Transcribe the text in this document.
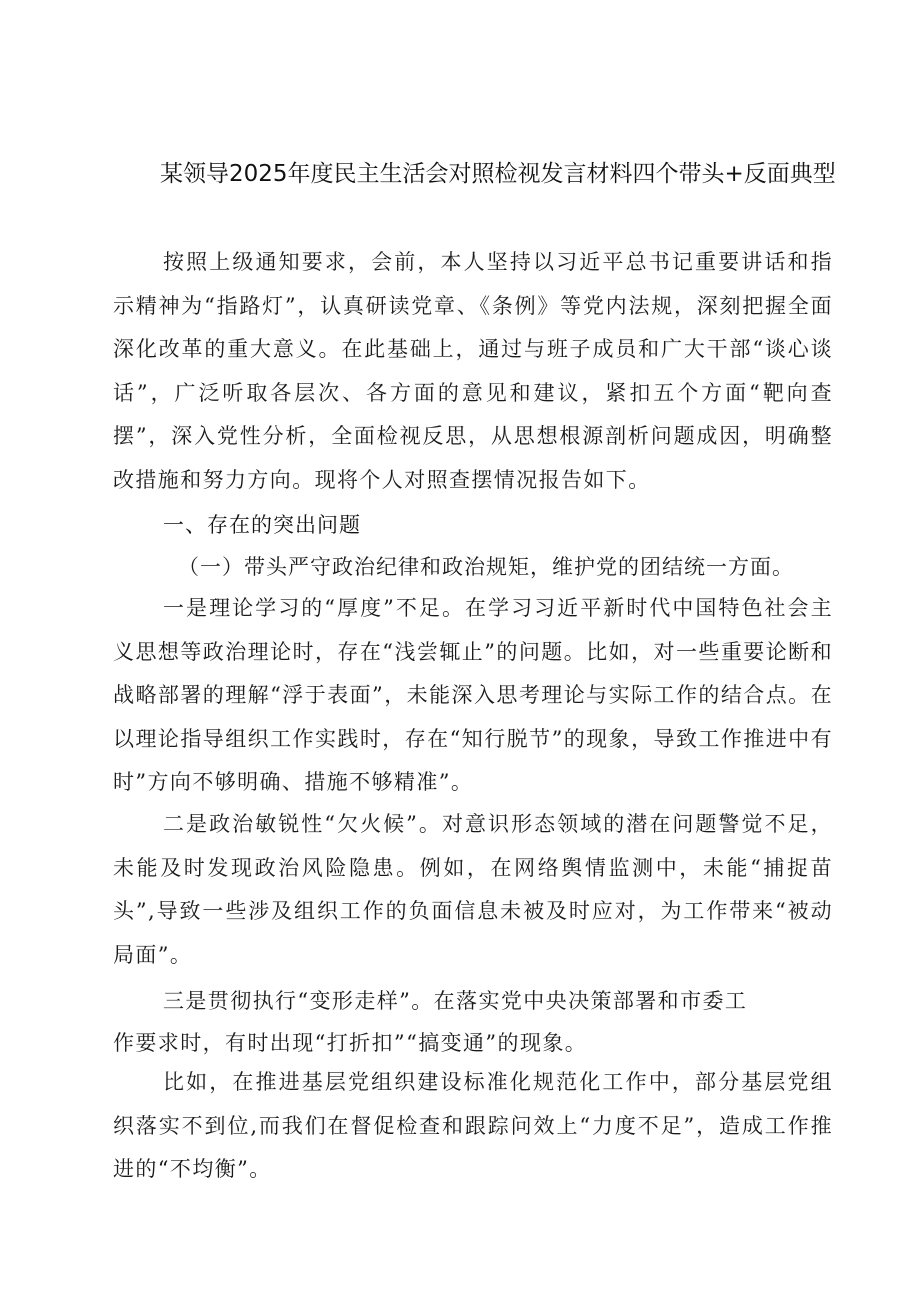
某领导2025年度民主生活会对照检视发言材料四个带头+反面典型
按照上级通知要求，会前，本人坚持以习近平总书记重要讲话和指示精神为“指路灯”，认真研读党章、《条例》等党内法规，深刻把握全面深化改革的重大意义。在此基础上，通过与班子成员和广大干部“谈心谈话”，广泛听取各层次、各方面的意见和建议，紧扣五个方面“靶向查摆”，深入党性分析，全面检视反思，从思想根源剖析问题成因，明确整改措施和努力方向。现将个人对照查摆情况报告如下。
一、存在的突出问题
（一）带头严守政治纪律和政治规矩，维护党的团结统一方面。
一是理论学习的“厚度”不足。在学习习近平新时代中国特色社会主义思想等政治理论时，存在“浅尝辄止”的问题。比如，对一些重要论断和战略部署的理解“浮于表面”，未能深入思考理论与实际工作的结合点。在以理论指导组织工作实践时，存在“知行脱节”的现象，导致工作推进中有时”方向不够明确、措施不够精准”。
二是政治敏锐性“欠火候”。对意识形态领域的潜在问题警觉不足，未能及时发现政治风险隐患。例如，在网络舆情监测中，未能“捕捉苗头”,导致一些涉及组织工作的负面信息未被及时应对，为工作带来“被动局面”。
三是贯彻执行“变形走样”。在落实党中央决策部署和市委工
作要求时，有时出现“打折扣”“搞变通”的现象。
比如，在推进基层党组织建设标准化规范化工作中，部分基层党组织落实不到位,而我们在督促检查和跟踪问效上“力度不足”，造成工作推进的“不均衡”。
